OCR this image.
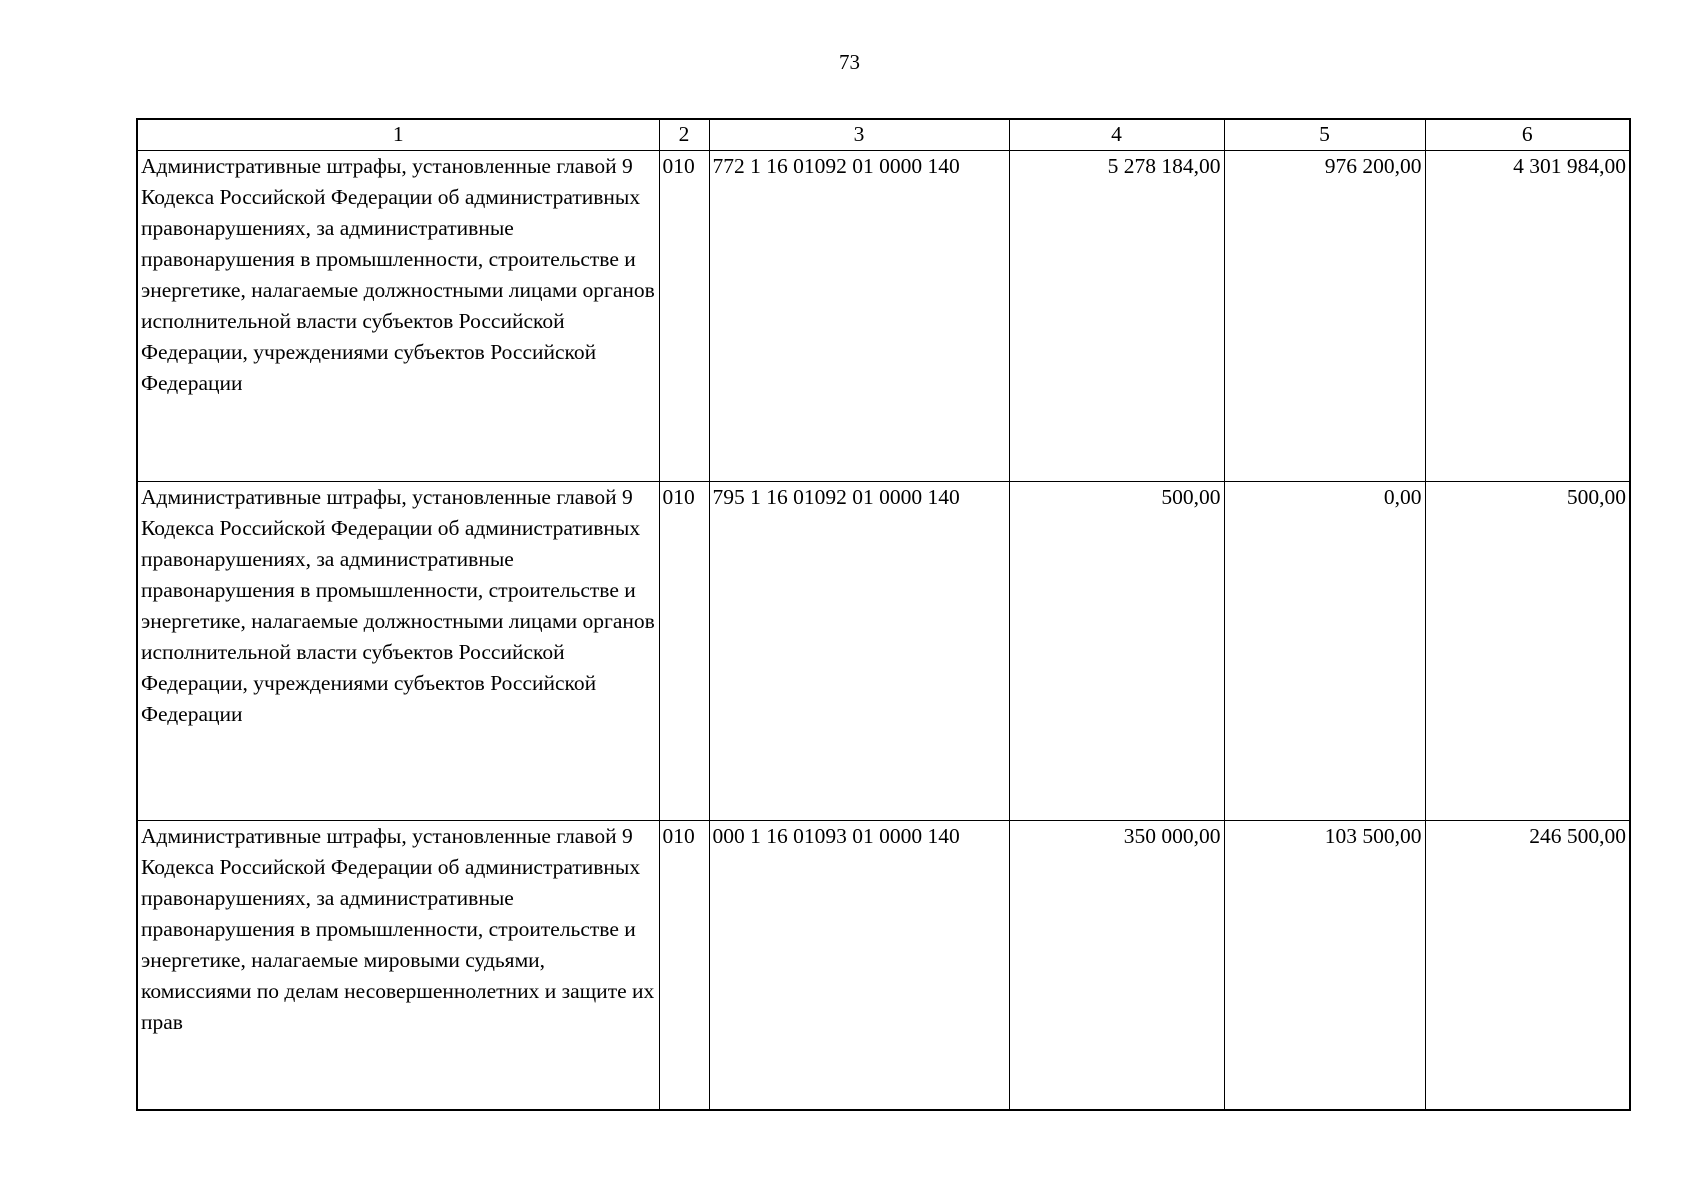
73
1	2	3	4	5	6
Административные штрафы, установленные главой 9 Кодекса Российской Федерации об административных правонарушениях, за административные правонарушения в промышленности, строительстве и энергетике, налагаемые должностными лицами органов исполнительной власти субъектов Российской Федерации, учреждениями субъектов Российской Федерации	010	772 1 16 01092 01 0000 140	5 278 184,00	976 200,00	4 301 984,00
Административные штрафы, установленные главой 9 Кодекса Российской Федерации об административных правонарушениях, за административные правонарушения в промышленности, строительстве и энергетике, налагаемые должностными лицами органов исполнительной власти субъектов Российской Федерации, учреждениями субъектов Российской Федерации	010	795 1 16 01092 01 0000 140	500,00	0,00	500,00
Административные штрафы, установленные главой 9 Кодекса Российской Федерации об административных правонарушениях, за административные правонарушения в промышленности, строительстве и энергетике, налагаемые мировыми судьями, комиссиями по делам несовершеннолетних и защите их прав	010	000 1 16 01093 01 0000 140	350 000,00	103 500,00	246 500,00
